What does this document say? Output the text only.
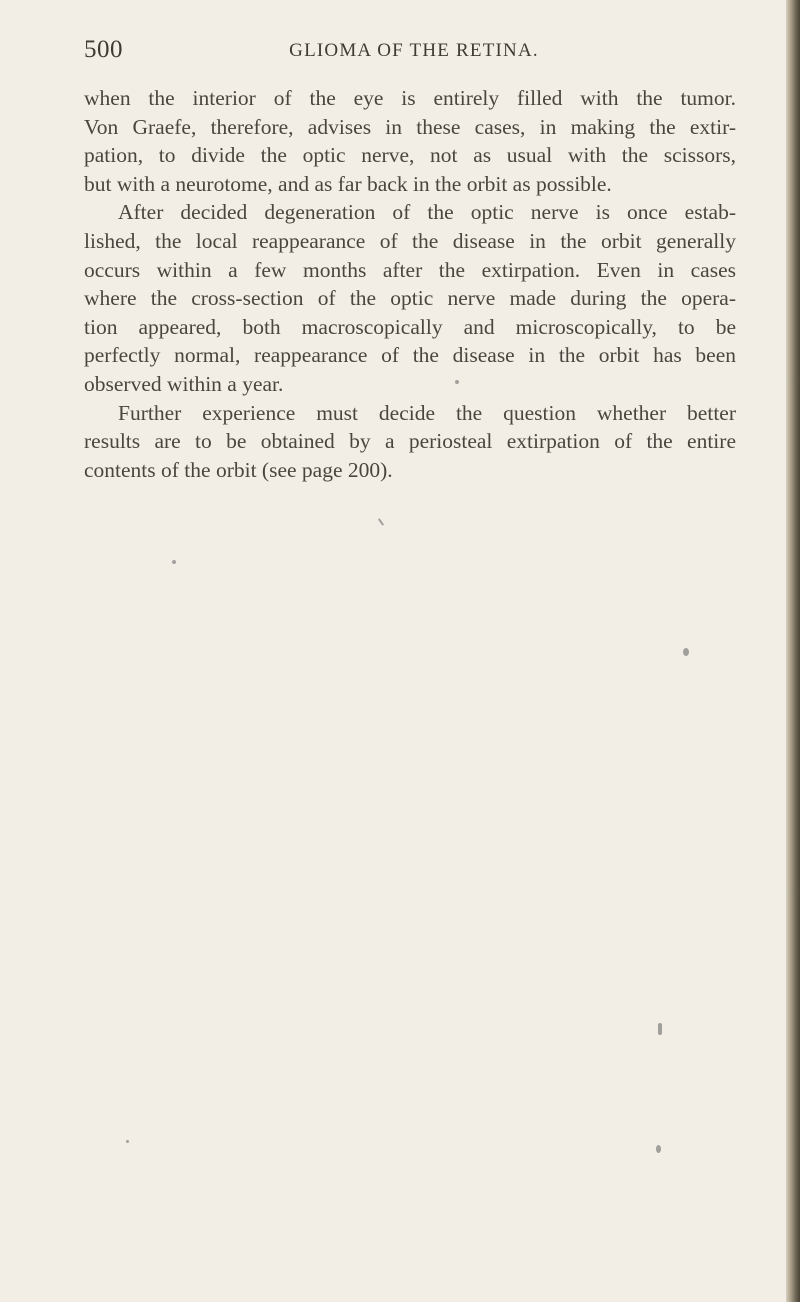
500	GLIOMA OF THE RETINA.
when the interior of the eye is entirely filled with the tumor.
Von Graefe, therefore, advises in these cases, in making the extir-
pation, to divide the optic nerve, not as usual with the scissors,
but with a neurotome, and as far back in the orbit as possible.
After decided degeneration of the optic nerve is once estab-
lished, the local reappearance of the disease in the orbit generally
occurs within a few months after the extirpation. Even in cases
where the cross-section of the optic nerve made during the opera-
tion appeared, both macroscopically and microscopically, to be
perfectly normal, reappearance of the disease in the orbit has been
observed within a year.
Further experience must decide the question whether better
results are to be obtained by a periosteal extirpation of the entire
contents of the orbit (see page 200).
